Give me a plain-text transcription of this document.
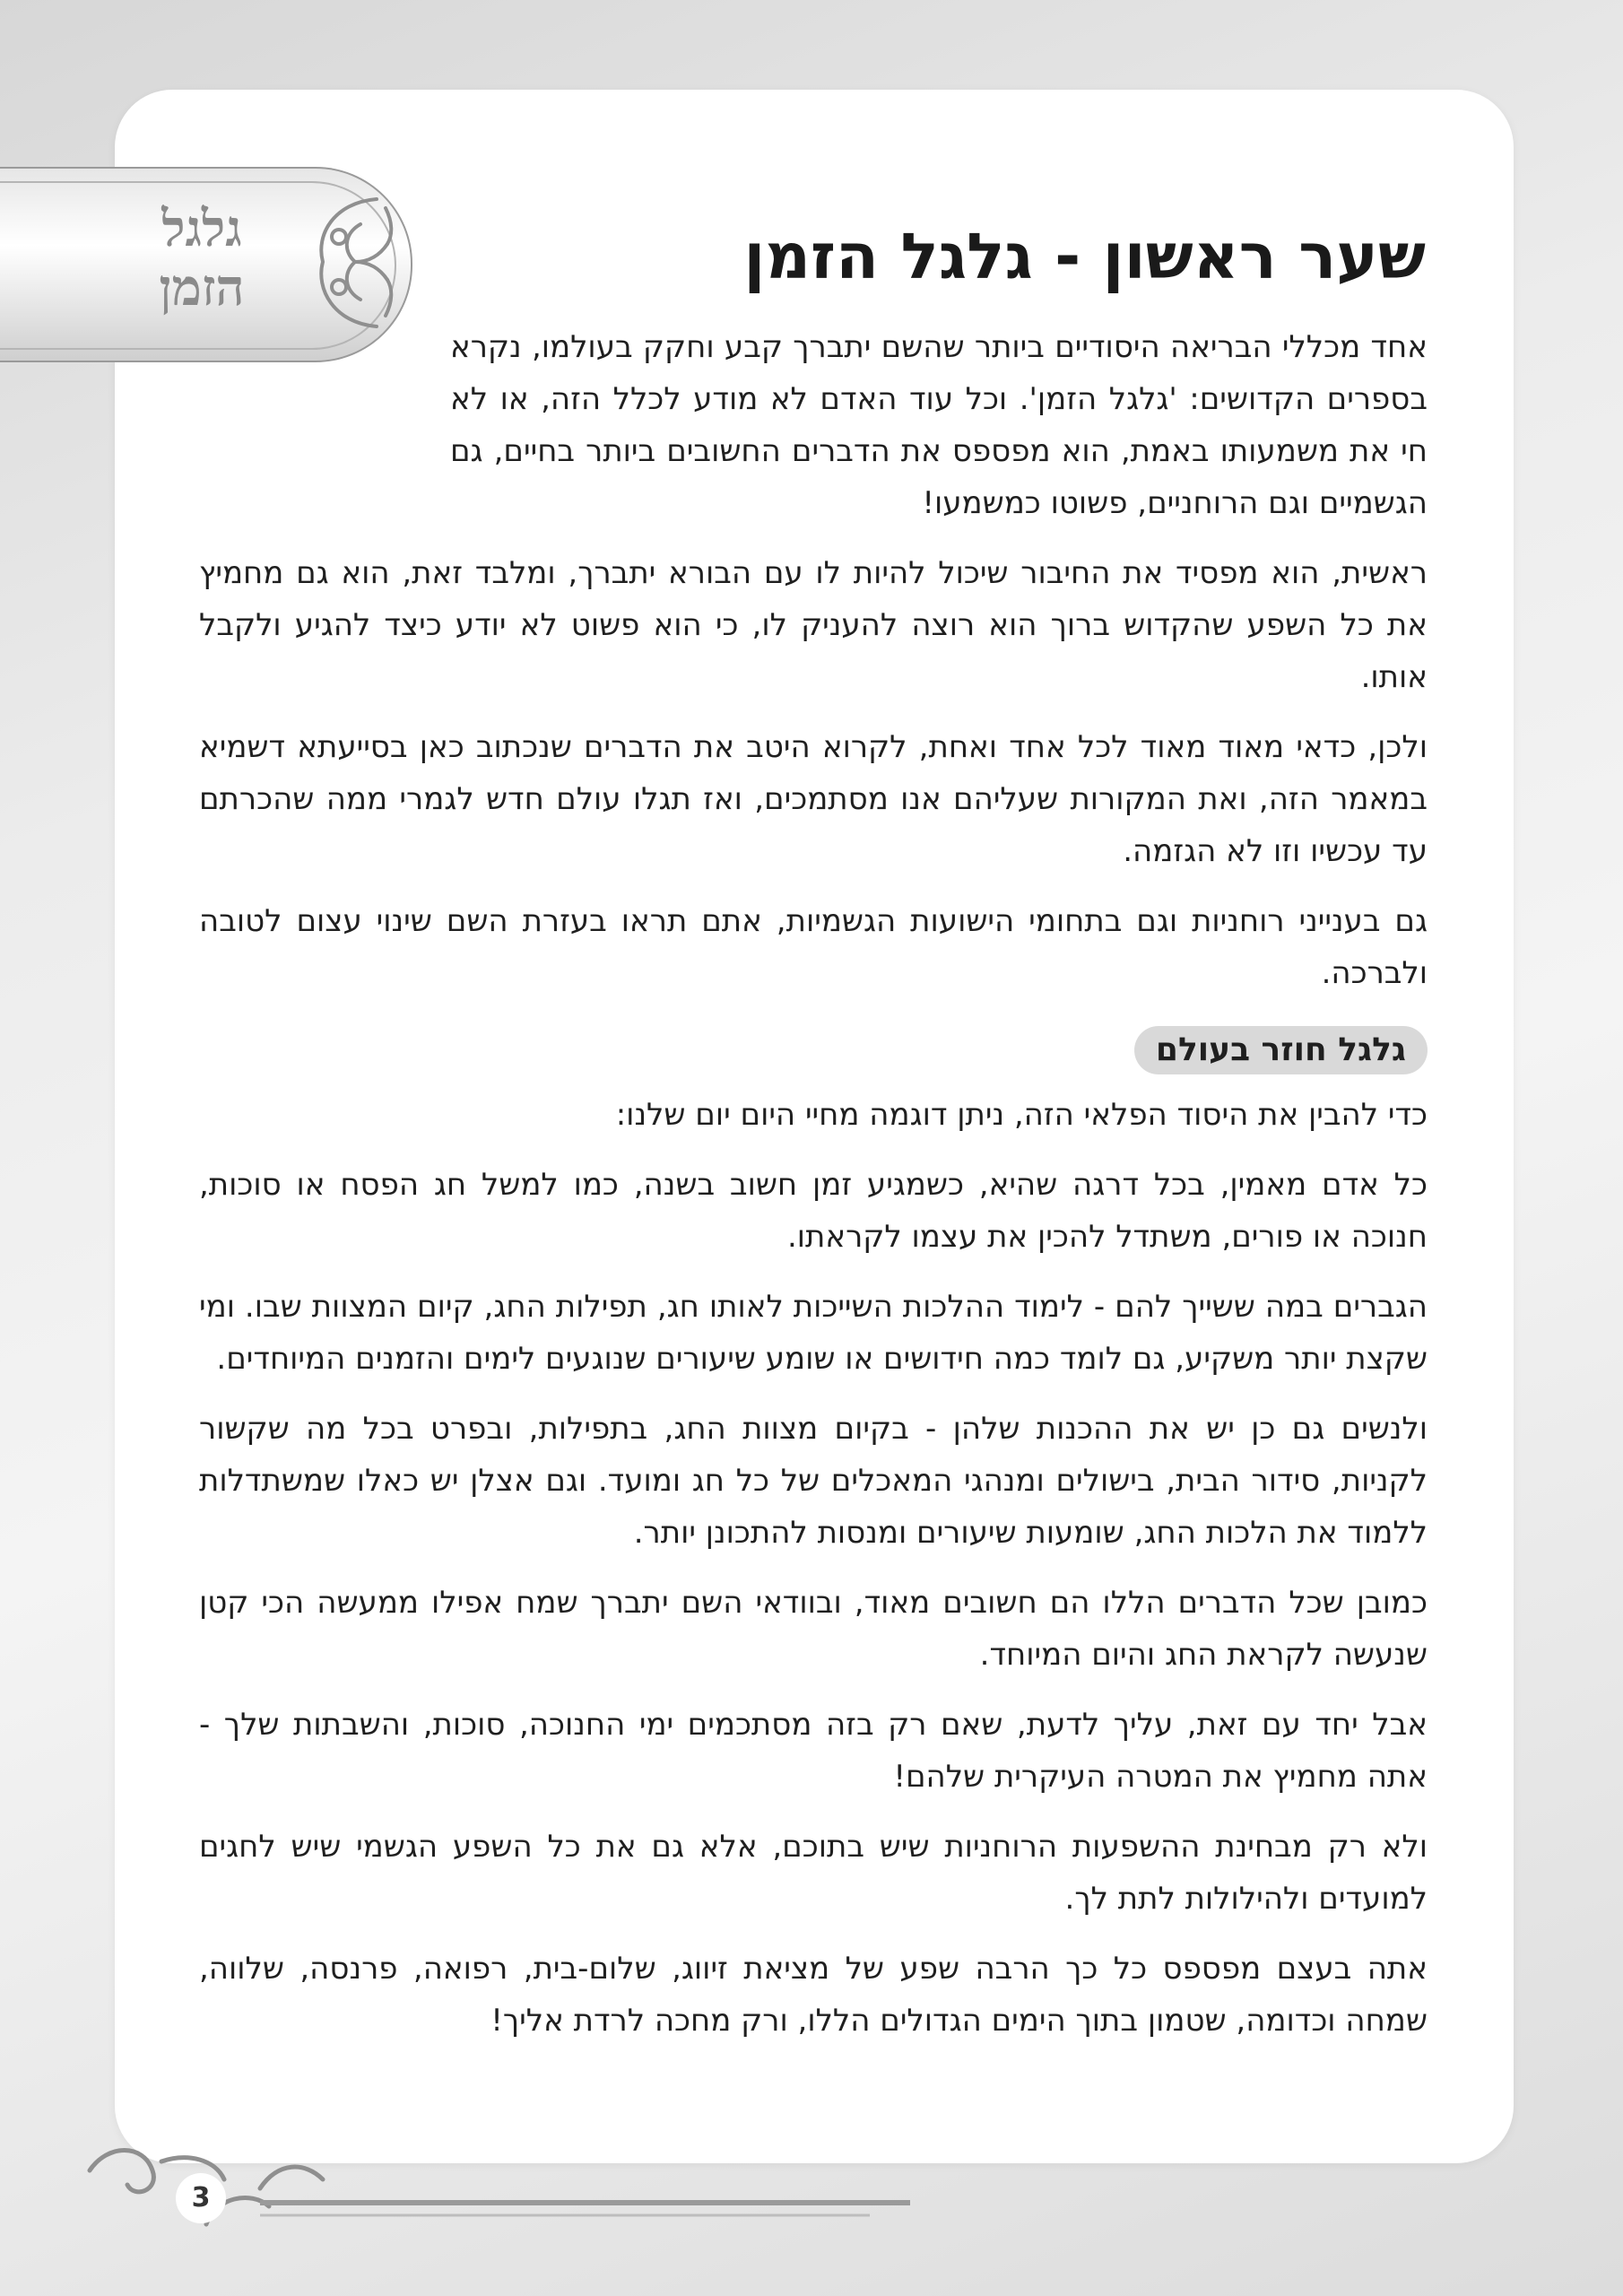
גלגל הזמן	שער ראשון - גלגל הזמן

אחד מכללי הבריאה היסודיים ביותר שהשם יתברך קבע וחקק בעולמו, נקרא בספרים הקדושים: 'גלגל הזמן'. וכל עוד האדם לא מודע לכלל הזה, או לא חי את משמעותו באמת, הוא מפספס את הדברים החשובים ביותר בחיים, גם הגשמיים וגם הרוחניים, פשוטו כמשמעו!

ראשית, הוא מפסיד את החיבור שיכול להיות לו עם הבורא יתברך, ומלבד זאת, הוא גם מחמיץ את כל השפע שהקדוש ברוך הוא רוצה להעניק לו, כי הוא פשוט לא יודע כיצד להגיע ולקבל אותו.

ולכן, כדאי מאוד מאוד לכל אחד ואחת, לקרוא היטב את הדברים שנכתוב כאן בסייעתא דשמיא במאמר הזה, ואת המקורות שעליהם אנו מסתמכים, ואז תגלו עולם חדש לגמרי ממה שהכרתם עד עכשיו וזו לא הגזמה.

גם בענייני רוחניות וגם בתחומי הישועות הגשמיות, אתם תראו בעזרת השם שינוי עצום לטובה ולברכה.

גלגל חוזר בעולם

כדי להבין את היסוד הפלאי הזה, ניתן דוגמה מחיי היום יום שלנו:

כל אדם מאמין, בכל דרגה שהיא, כשמגיע זמן חשוב בשנה, כמו למשל חג הפסח או סוכות, חנוכה או פורים, משתדל להכין את עצמו לקראתו.

הגברים במה ששייך להם - לימוד ההלכות השייכות לאותו חג, תפילות החג, קיום המצוות שבו. ומי שקצת יותר משקיע, גם לומד כמה חידושים או שומע שיעורים שנוגעים לימים והזמנים המיוחדים.

ולנשים גם כן יש את ההכנות שלהן - בקיום מצוות החג, בתפילות, ובפרט בכל מה שקשור לקניות, סידור הבית, בישולים ומנהגי המאכלים של כל חג ומועד. וגם אצלן יש כאלו שמשתדלות ללמוד את הלכות החג, שומעות שיעורים ומנסות להתכונן יותר.

כמובן שכל הדברים הללו הם חשובים מאוד, ובוודאי השם יתברך שמח אפילו ממעשה הכי קטן שנעשה לקראת החג והיום המיוחד.

אבל יחד עם זאת, עליך לדעת, שאם רק בזה מסתכמים ימי החנוכה, סוכות, והשבתות שלך - אתה מחמיץ את המטרה העיקרית שלהם!

ולא רק מבחינת ההשפעות הרוחניות שיש בתוכם, אלא גם את כל השפע הגשמי שיש לחגים למועדים ולהילולות לתת לך.

אתה בעצם מפספס כל כך הרבה שפע של מציאת זיווג, שלום-בית, רפואה, פרנסה, שלווה, שמחה וכדומה, שטמון בתוך הימים הגדולים הללו, ורק מחכה לרדת אליך!

3
